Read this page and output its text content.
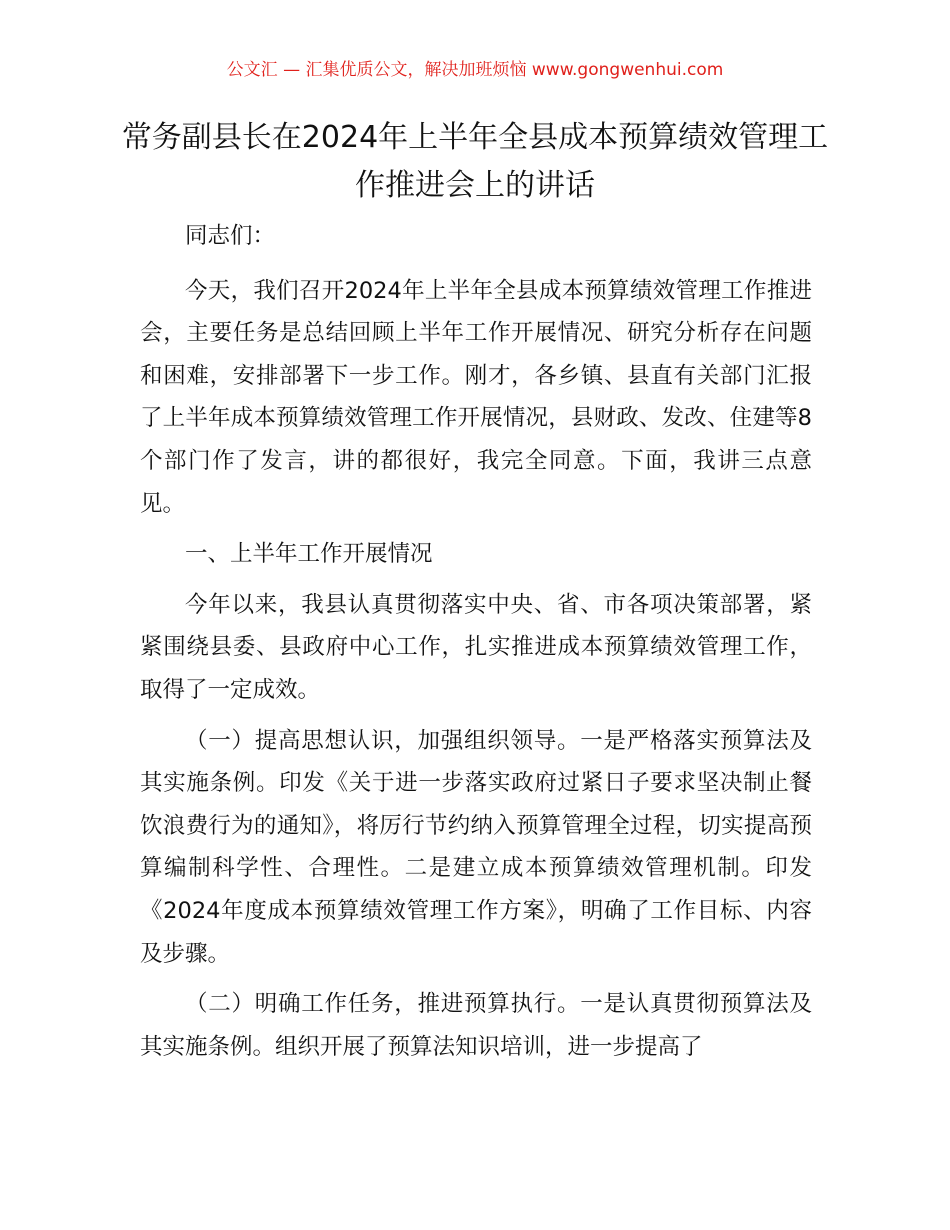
公文汇 — 汇集优质公文，解决加班烦恼 www.gongwenhui.com
常务副县长在2024年上半年全县成本预算绩效管理工作推进会上的讲话

同志们：

今天，我们召开2024年上半年全县成本预算绩效管理工作推进会，主要任务是总结回顾上半年工作开展情况、研究分析存在问题和困难，安排部署下一步工作。刚才，各乡镇、县直有关部门汇报了上半年成本预算绩效管理工作开展情况，县财政、发改、住建等8个部门作了发言，讲的都很好，我完全同意。下面，我讲三点意见。

一、上半年工作开展情况

今年以来，我县认真贯彻落实中央、省、市各项决策部署，紧紧围绕县委、县政府中心工作，扎实推进成本预算绩效管理工作，取得了一定成效。

（一）提高思想认识，加强组织领导。一是严格落实预算法及其实施条例。印发《关于进一步落实政府过紧日子要求坚决制止餐饮浪费行为的通知》，将厉行节约纳入预算管理全过程，切实提高预算编制科学性、合理性。二是建立成本预算绩效管理机制。印发《2024年度成本预算绩效管理工作方案》，明确了工作目标、内容及步骤。

（二）明确工作任务，推进预算执行。一是认真贯彻预算法及其实施条例。组织开展了预算法知识培训，进一步提高了
